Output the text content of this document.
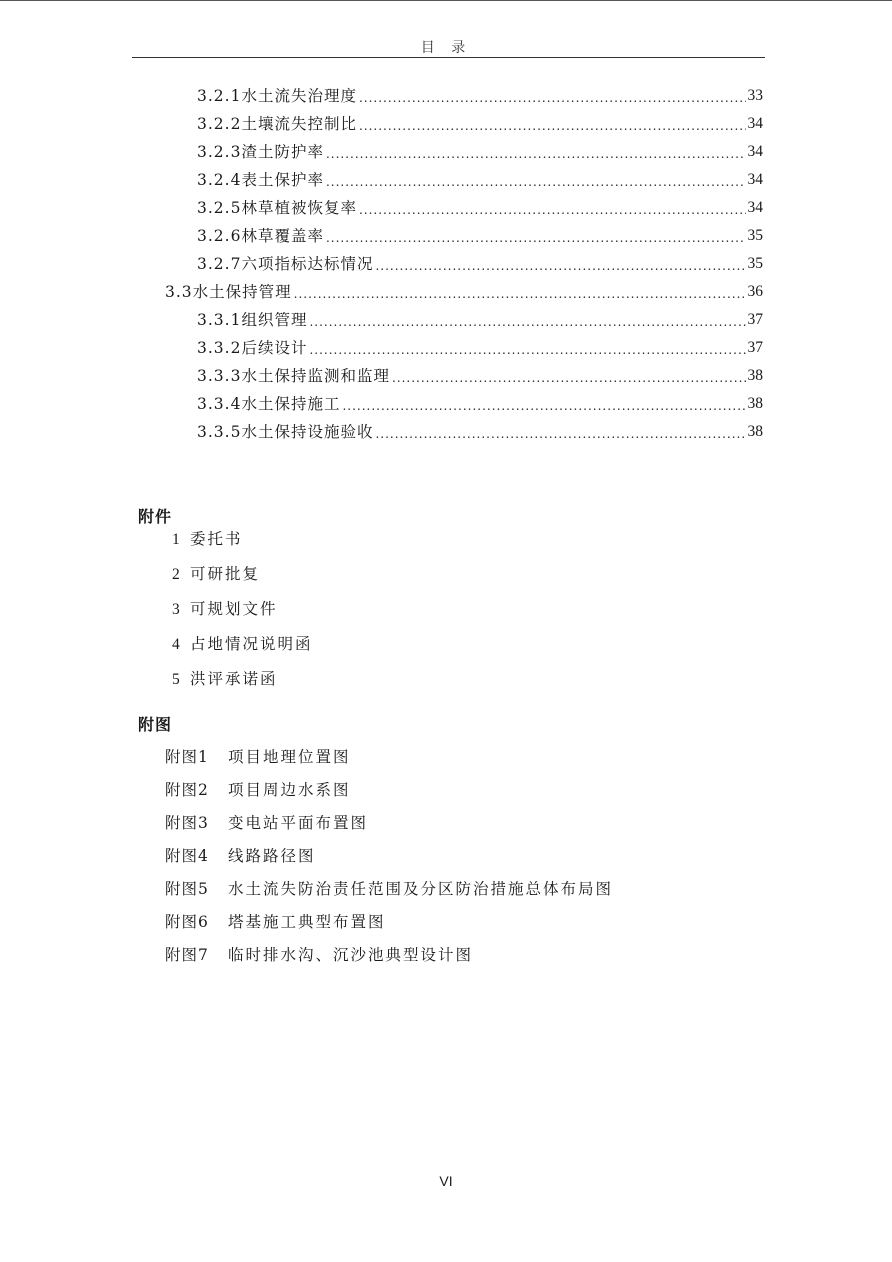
目 录
3.2.1水土流失治理度 .....	33
3.2.2土壤流失控制比 .....	34
3.2.3渣土防护率 .....	34
3.2.4表土保护率 .....	34
3.2.5林草植被恢复率 .....	34
3.2.6林草覆盖率 .....	35
3.2.7六项指标达标情况 .....	35
3.3水土保持管理 .....	36
3.3.1组织管理 .....	37
3.3.2后续设计 .....	37
3.3.3水土保持监测和监理 .....	38
3.3.4水土保持施工 .....	38
3.3.5水土保持设施验收 .....	38
附件
1 委托书
2 可研批复
3 可规划文件
4 占地情况说明函
5 洪评承诺函
附图
附图1 项目地理位置图
附图2 项目周边水系图
附图3 变电站平面布置图
附图4 线路路径图
附图5 水土流失防治责任范围及分区防治措施总体布局图
附图6 塔基施工典型布置图
附图7 临时排水沟、沉沙池典型设计图
VI
